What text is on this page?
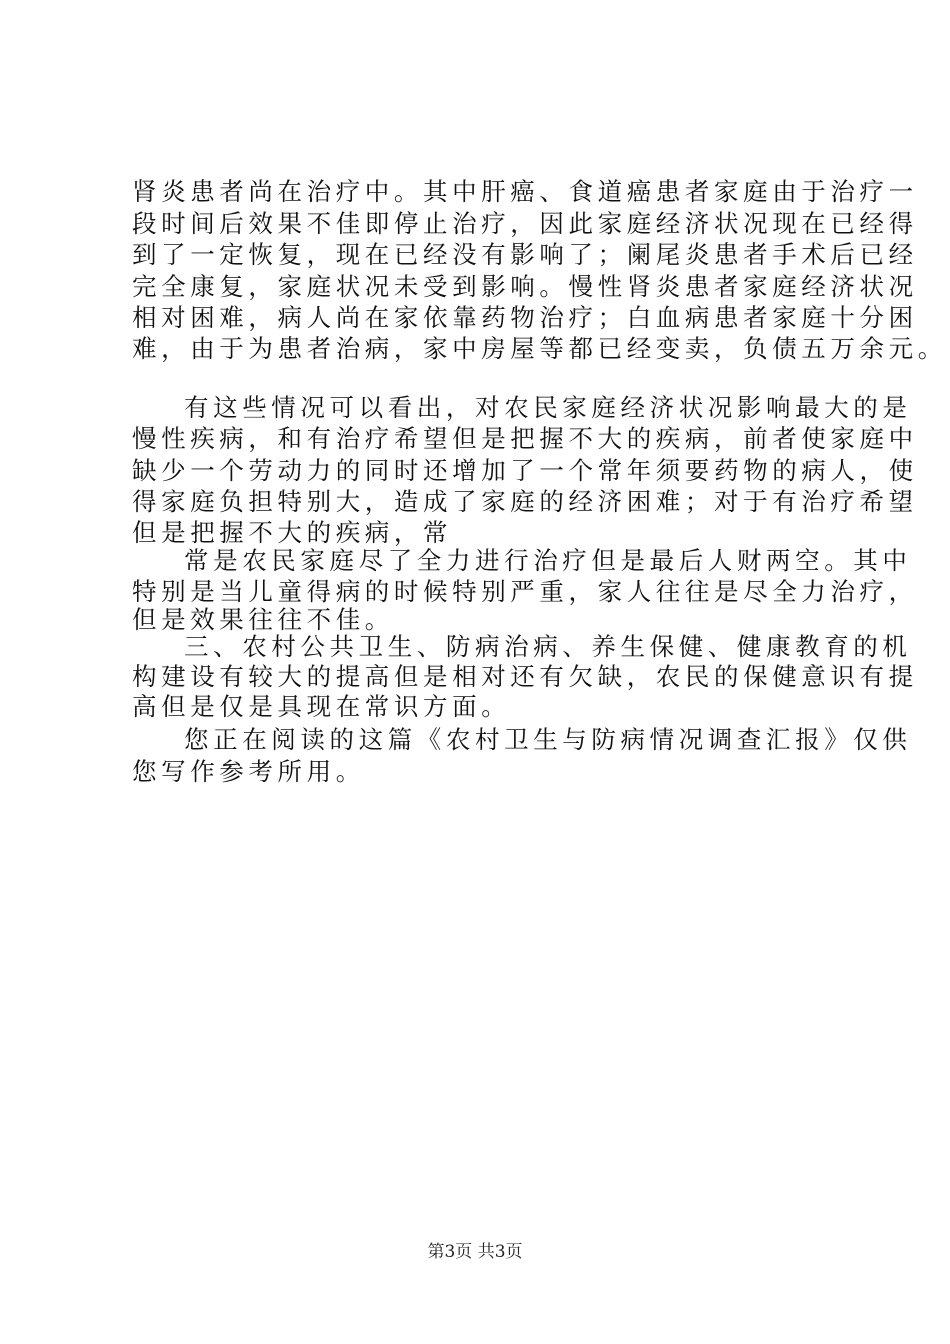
肾炎患者尚在治疗中。其中肝癌、食道癌患者家庭由于治疗一
段时间后效果不佳即停止治疗，因此家庭经济状况现在已经得
到了一定恢复，现在已经没有影响了；阑尾炎患者手术后已经
完全康复，家庭状况未受到影响。慢性肾炎患者家庭经济状况
相对困难，病人尚在家依靠药物治疗；白血病患者家庭十分困
难，由于为患者治病，家中房屋等都已经变卖，负债五万余元。
有这些情况可以看出，对农民家庭经济状况影响最大的是
慢性疾病，和有治疗希望但是把握不大的疾病，前者使家庭中
缺少一个劳动力的同时还增加了一个常年须要药物的病人，使
得家庭负担特别大，造成了家庭的经济困难；对于有治疗希望
但是把握不大的疾病，常
常是农民家庭尽了全力进行治疗但是最后人财两空。其中
特别是当儿童得病的时候特别严重，家人往往是尽全力治疗，
但是效果往往不佳。
三、农村公共卫生、防病治病、养生保健、健康教育的机
构建设有较大的提高但是相对还有欠缺，农民的保健意识有提
高但是仅是具现在常识方面。
您正在阅读的这篇《农村卫生与防病情况调查汇报》仅供
您写作参考所用。
第3页 共3页
